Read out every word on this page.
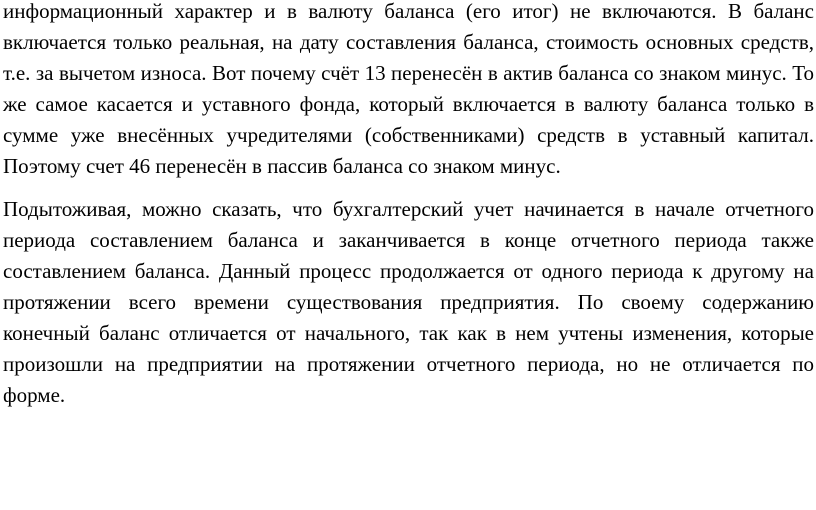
информационный характер и в валюту баланса (его итог) не включаются. В баланс включается только реальная, на дату составления баланса, стоимость основных средств, т.е. за вычетом износа. Вот почему счёт 13 перенесён в актив баланса со знаком минус. То же самое касается и уставного фонда, который включается в валюту баланса только в сумме уже внесённых учредителями (собственниками) средств в уставный капитал. Поэтому счет 46 перенесён в пассив баланса со знаком минус.

Подытоживая, можно сказать, что бухгалтерский учет начинается в начале отчетного периода составлением баланса и заканчивается в конце отчетного периода также составлением баланса. Данный процесс продолжается от одного периода к другому на протяжении всего времени существования предприятия. По своему содержанию конечный баланс отличается от начального, так как в нем учтены изменения, которые произошли на предприятии на протяжении отчетного периода, но не отличается по форме.
